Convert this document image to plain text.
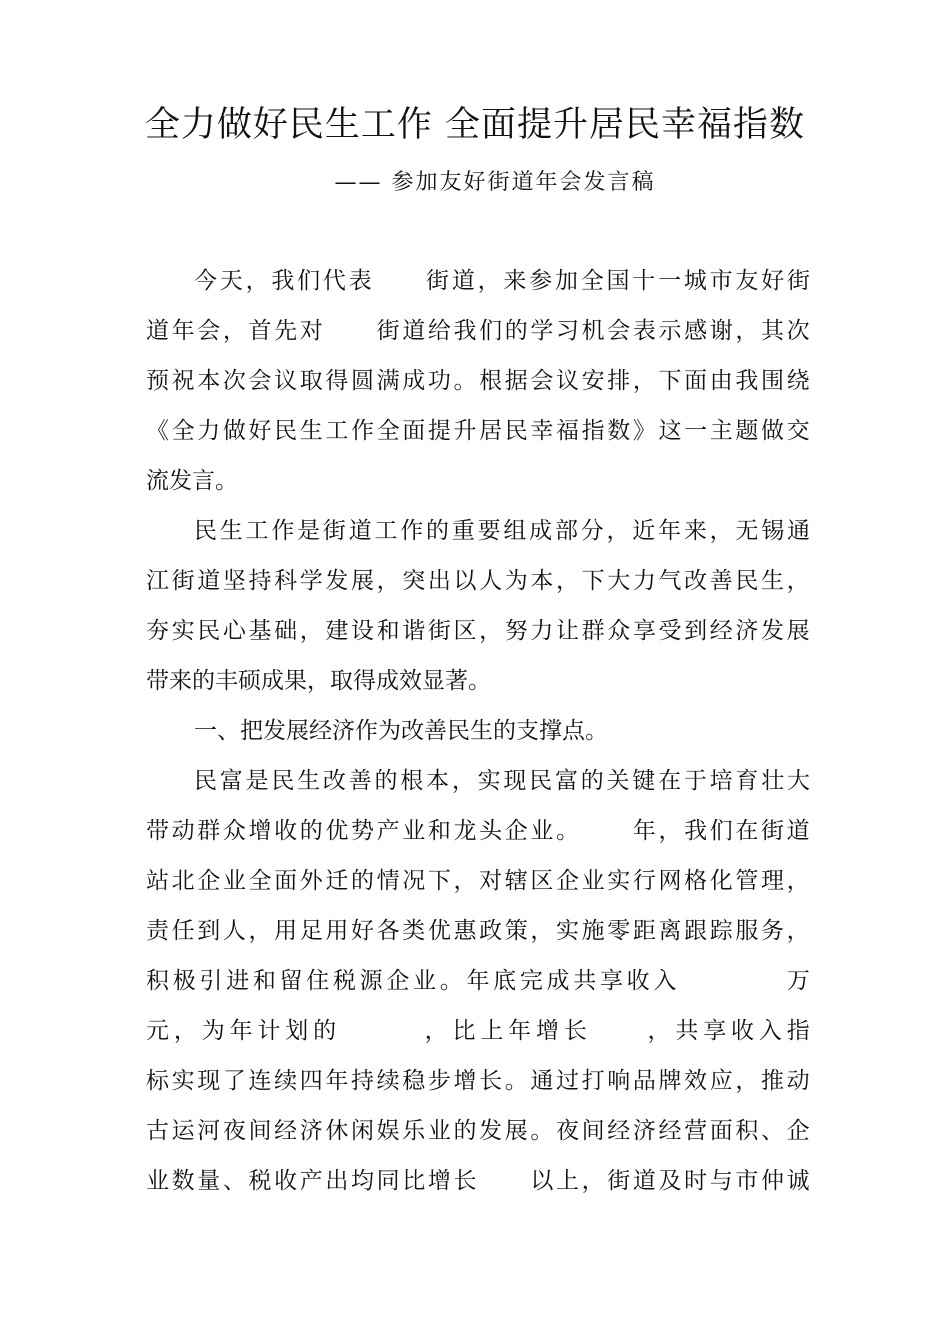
全力做好民生工作 全面提升居民幸福指数
—— 参加友好街道年会发言稿
今 天 ， 我 们 代 表

　 街 道 ， 来 参 加 全 国 十 一 城 市 友 好 街
道 年 会 ， 首 先 对

　 街 道 给 我 们 的 学 习 机 会 表 示 感 谢 ， 其 次
预 祝 本 次 会 议 取 得 圆 满 成 功 。 根 据 会 议 安 排 ， 下 面 由 我 围 绕
《 全 力 做 好 民 生 工 作 全 面 提 升 居 民 幸 福 指 数 》 这 一 主 题 做 交
流发言。
民 生 工 作 是 街 道 工 作 的 重 要 组 成 部 分 ， 近 年 来 ， 无 锡 通
江 街 道 坚 持 科 学 发 展 ， 突 出 以 人 为 本 ， 下 大 力 气 改 善 民 生 ，
夯 实 民 心 基 础 ， 建 设 和 谐 街 区 ， 努 力 让 群 众 享 受 到 经 济 发 展
带来的丰硕成果，取得成效显著。
一、把发展经济作为改善民生的支撑点。
民 富 是 民 生 改 善 的 根 本 ， 实 现 民 富 的 关 键 在 于 培 育 壮 大
带 动 群 众 增 收 的 优 势 产 业 和 龙 头 企 业 。

　 年 ， 我 们 在 街 道
站 北 企 业 全 面 外 迁 的 情 况 下 ， 对 辖 区 企 业 实 行 网 格 化 管 理 ，
责 任 到 人 ， 用 足 用 好 各 类 优 惠 政 策 ， 实 施 零 距 离 跟 踪 服 务 ，
积 极 引 进 和 留 住 税 源 企 业 。 年 底 完 成 共 享 收 入

　	万
元 ， 为 年 计 划 的

　	， 比 上 年 增 长

　	， 共 享 收 入 指
标 实 现 了 连 续 四 年 持 续 稳 步 增 长 。 通 过 打 响 品 牌 效 应 ， 推 动
古 运 河 夜 间 经 济 休 闲 娱 乐 业 的 发 展 。 夜 间 经 济 经 营 面 积 、 企
业 数 量 、 税 收 产 出 均 同 比 增 长

　 以 上 ， 街 道 及 时 与 市 仲 诚
